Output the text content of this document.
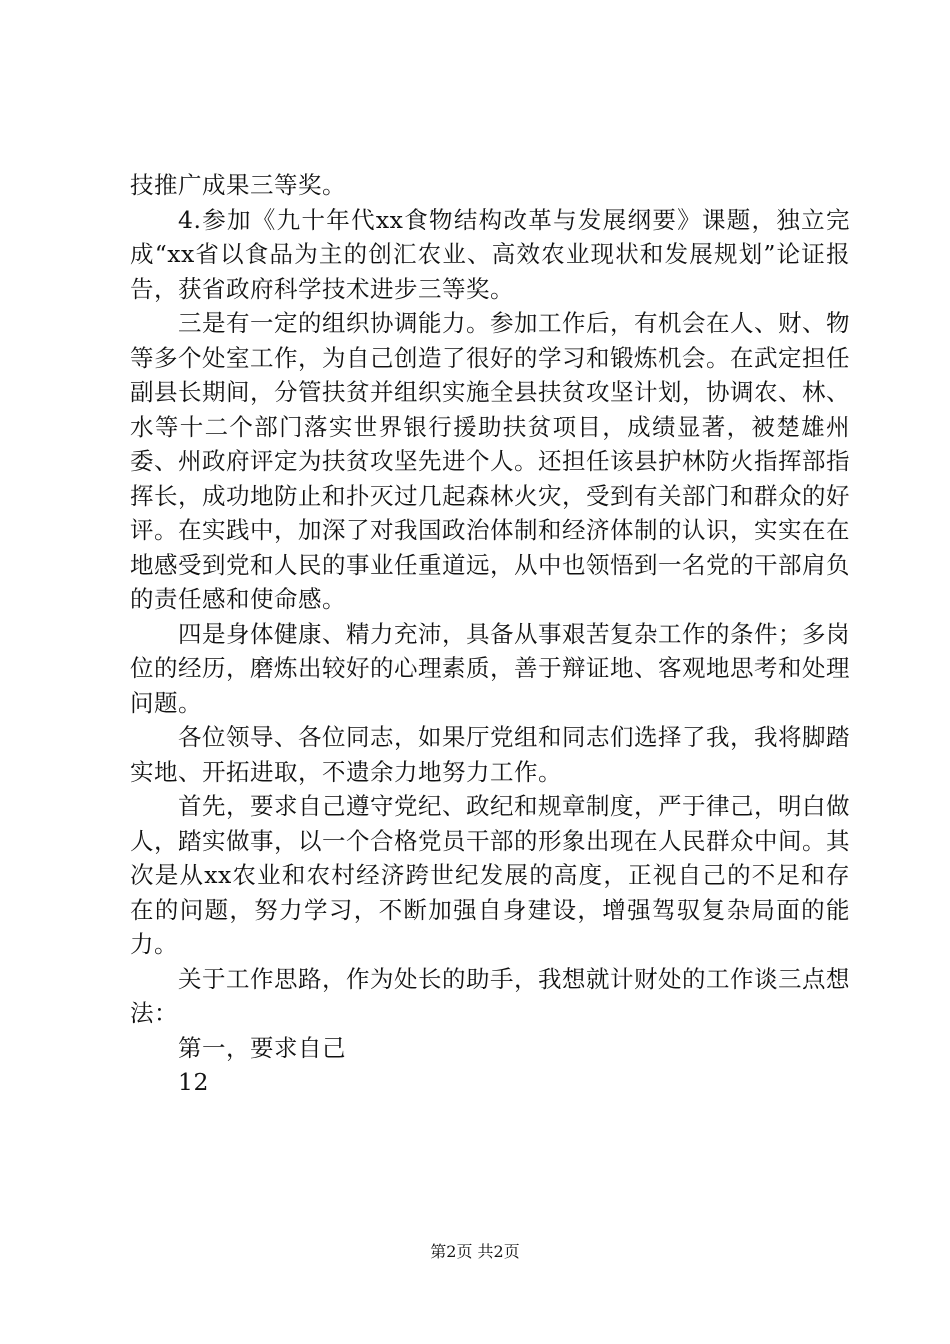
技推广成果三等奖。

4.参加《九十年代xx食物结构改革与发展纲要》课题，独立完成“xx省以食品为主的创汇农业、高效农业现状和发展规划”论证报告，获省政府科学技术进步三等奖。

三是有一定的组织协调能力。参加工作后，有机会在人、财、物等多个处室工作，为自己创造了很好的学习和锻炼机会。在武定担任副县长期间，分管扶贫并组织实施全县扶贫攻坚计划，协调农、林、水等十二个部门落实世界银行援助扶贫项目，成绩显著，被楚雄州委、州政府评定为扶贫攻坚先进个人。还担任该县护林防火指挥部指挥长，成功地防止和扑灭过几起森林火灾，受到有关部门和群众的好评。在实践中，加深了对我国政治体制和经济体制的认识，实实在在地感受到党和人民的事业任重道远，从中也领悟到一名党的干部肩负的责任感和使命感。

四是身体健康、精力充沛，具备从事艰苦复杂工作的条件；多岗位的经历，磨炼出较好的心理素质，善于辩证地、客观地思考和处理问题。

各位领导、各位同志，如果厅党组和同志们选择了我，我将脚踏实地、开拓进取，不遗余力地努力工作。

首先，要求自己遵守党纪、政纪和规章制度，严于律己，明白做人，踏实做事，以一个合格党员干部的形象出现在人民群众中间。其次是从xx农业和农村经济跨世纪发展的高度，正视自己的不足和存在的问题，努力学习，不断加强自身建设，增强驾驭复杂局面的能力。

关于工作思路，作为处长的助手，我想就计财处的工作谈三点想法：

第一，要求自己

12

第2页 共2页
